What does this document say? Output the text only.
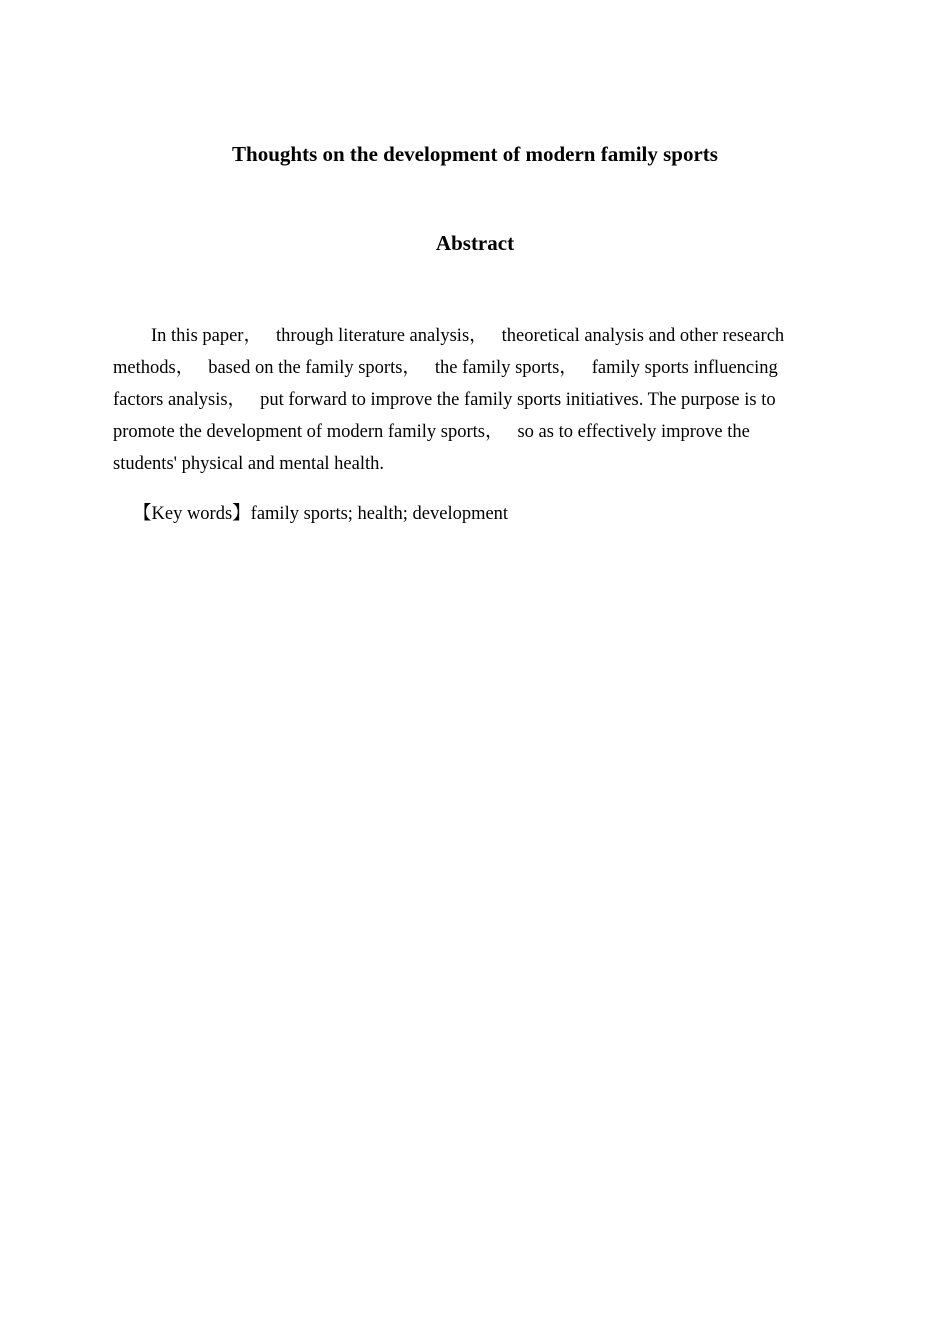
Thoughts on the development of modern family sports
Abstract

In this paper， through literature analysis， theoretical analysis and other research
methods， based on the family sports， the family sports， family sports influencing
factors analysis， put forward to improve the family sports initiatives. The purpose is to
promote the development of modern family sports， so as to effectively improve the
students' physical and mental health.

【Key words】family sports; health; development
